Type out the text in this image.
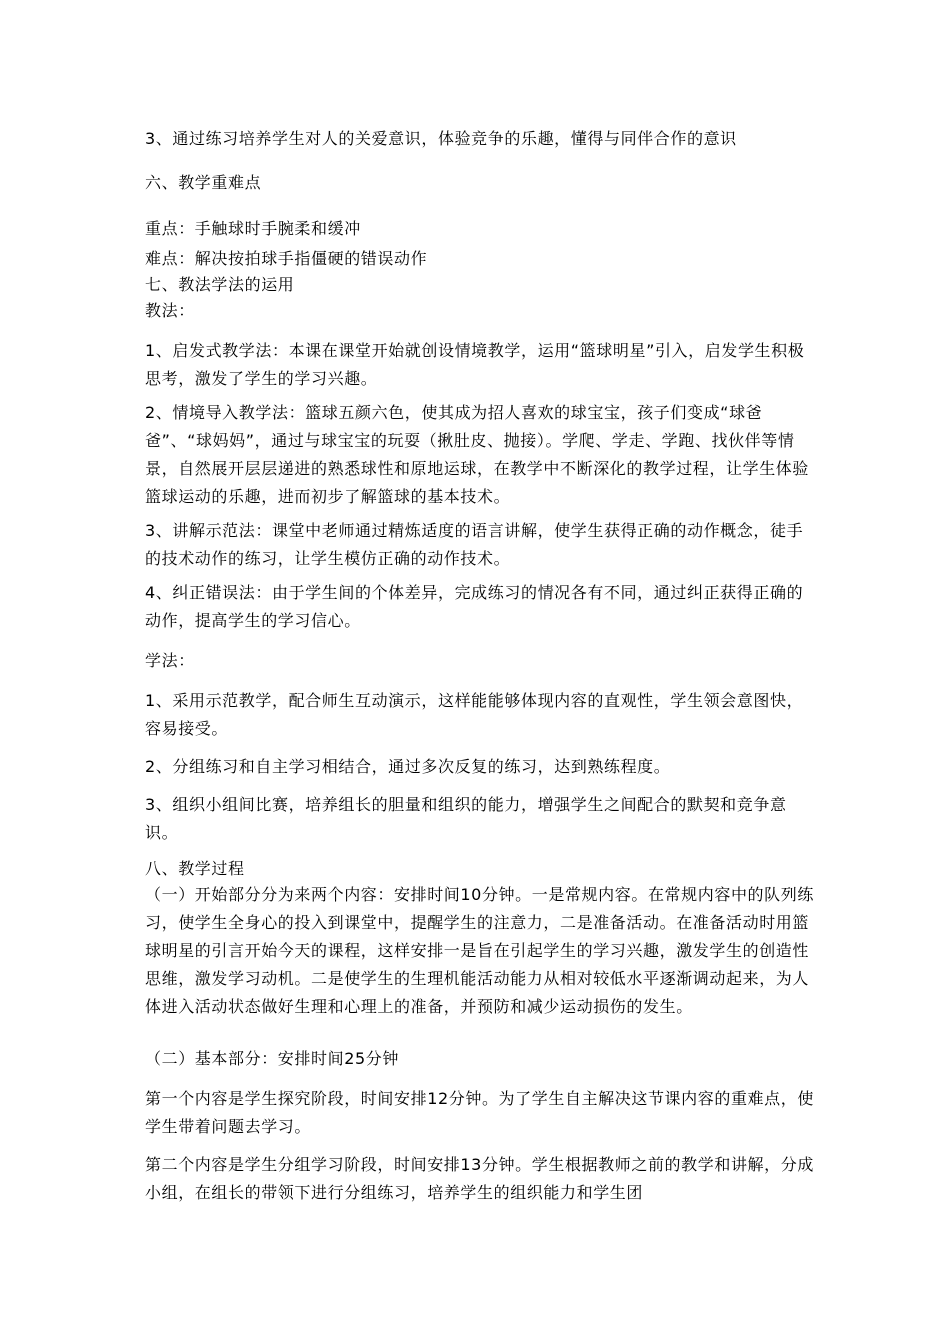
3、通过练习培养学生对人的关爱意识，体验竞争的乐趣，懂得与同伴合作的意识

六、教学重难点

重点：手触球时手腕柔和缓冲

难点：解决按拍球手指僵硬的错误动作

七、教法学法的运用

教法：

1、启发式教学法：本课在课堂开始就创设情境教学，运用“篮球明星”引入，启发学生积极思考，激发了学生的学习兴趣。

2、情境导入教学法：篮球五颜六色，使其成为招人喜欢的球宝宝，孩子们变成“球爸爸”、“球妈妈”，通过与球宝宝的玩耍（揪肚皮、抛接）。学爬、学走、学跑、找伙伴等情景，自然展开层层递进的熟悉球性和原地运球，在教学中不断深化的教学过程，让学生体验篮球运动的乐趣，进而初步了解篮球的基本技术。

3、讲解示范法：课堂中老师通过精炼适度的语言讲解，使学生获得正确的动作概念，徒手的技术动作的练习，让学生模仿正确的动作技术。

4、纠正错误法：由于学生间的个体差异，完成练习的情况各有不同，通过纠正获得正确的动作，提高学生的学习信心。

学法：

1、采用示范教学，配合师生互动演示，这样能能够体现内容的直观性，学生领会意图快，容易接受。

2、分组练习和自主学习相结合，通过多次反复的练习，达到熟练程度。

3、组织小组间比赛，培养组长的胆量和组织的能力，增强学生之间配合的默契和竞争意识。

八、教学过程

（一）开始部分分为来两个内容：安排时间10分钟。一是常规内容。在常规内容中的队列练习，使学生全身心的投入到课堂中，提醒学生的注意力，二是准备活动。在准备活动时用篮球明星的引言开始今天的课程，这样安排一是旨在引起学生的学习兴趣，激发学生的创造性思维，激发学习动机。二是使学生的生理机能活动能力从相对较低水平逐渐调动起来，为人体进入活动状态做好生理和心理上的准备，并预防和减少运动损伤的发生。

（二）基本部分：安排时间25分钟

第一个内容是学生探究阶段，时间安排12分钟。为了学生自主解决这节课内容的重难点，使学生带着问题去学习。

第二个内容是学生分组学习阶段，时间安排13分钟。学生根据教师之前的教学和讲解，分成小组，在组长的带领下进行分组练习，培养学生的组织能力和学生团
